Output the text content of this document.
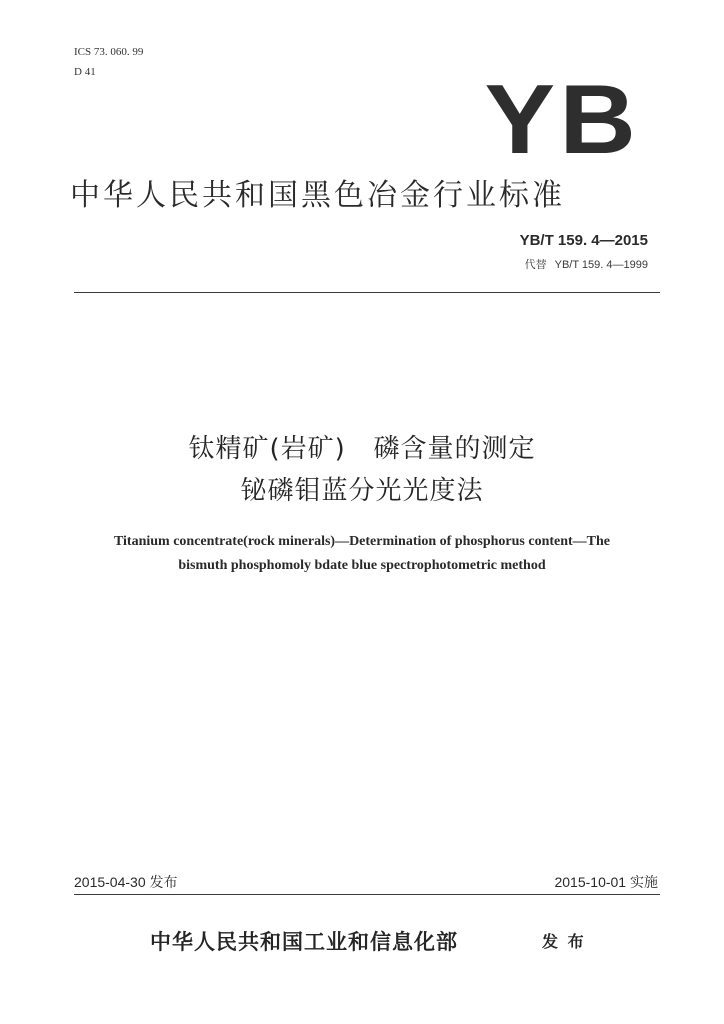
ICS 73. 060. 99
D 41	YB
中华人民共和国黑色冶金行业标准
YB/T 159. 4—2015
代替 YB/T 159. 4—1999
钛精矿(岩矿)   磷含量的测定
铋磷钼蓝分光光度法
Titanium concentrate(rock minerals)—Determination of phosphorus content—The
bismuth phosphomoly bdate blue spectrophotometric method
2015-04-30 发布	2015-10-01 实施
中华人民共和国工业和信息化部	发 布
